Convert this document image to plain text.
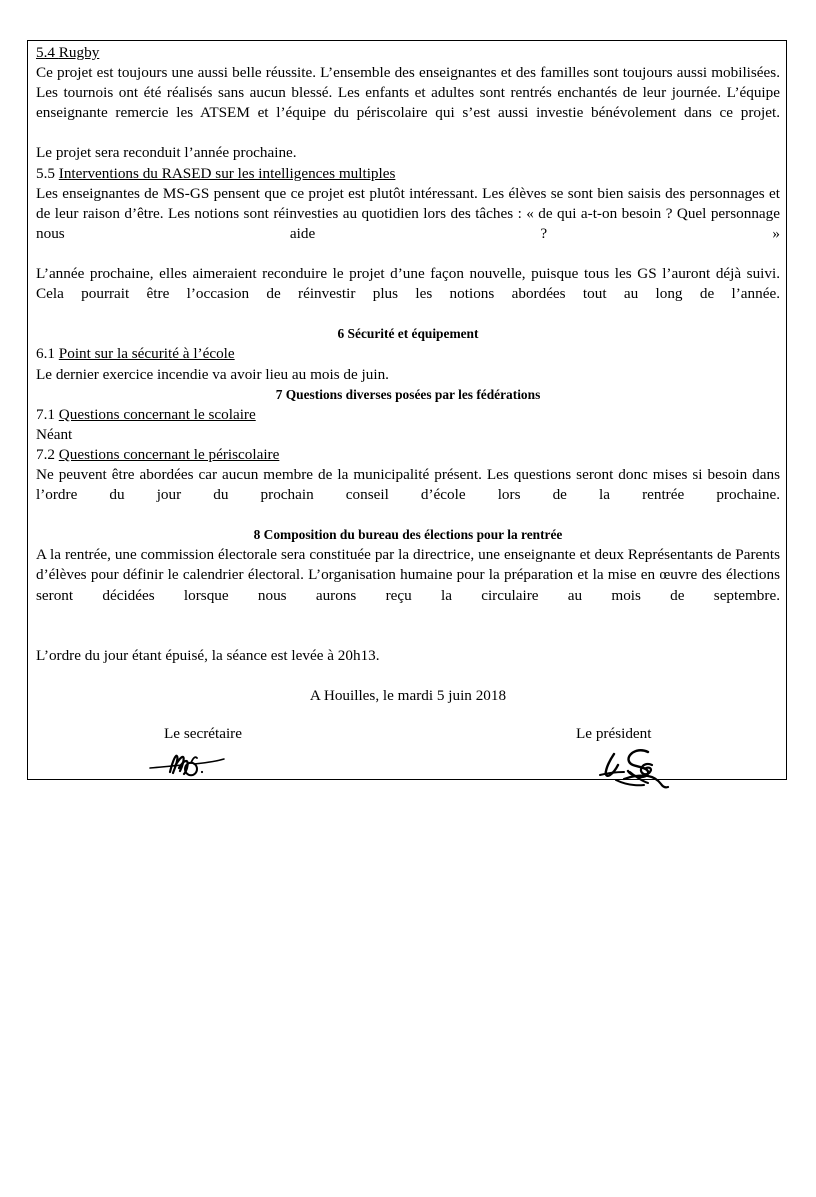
5.4 Rugby

Ce projet est toujours une aussi belle réussite. L’ensemble des enseignantes et des familles sont toujours aussi mobilisées. Les tournois ont été réalisés sans aucun blessé. Les enfants et adultes sont rentrés enchantés de leur journée. L’équipe enseignante remercie les ATSEM et l’équipe du périscolaire qui s’est aussi investie bénévolement dans ce projet.

Le projet sera reconduit l’année prochaine.

5.5 Interventions du RASED sur les intelligences multiples

Les enseignantes de MS-GS pensent que ce projet est plutôt intéressant. Les élèves se sont bien saisis des personnages et de leur raison d’être. Les notions sont réinvesties au quotidien lors des tâches : « de qui a-t-on besoin ? Quel personnage nous aide ? »

L’année prochaine, elles aimeraient reconduire le projet d’une façon nouvelle, puisque tous les GS l’auront déjà suivi. Cela pourrait être l’occasion de réinvestir plus les notions abordées tout au long de l’année.

6 Sécurité et équipement

6.1 Point sur la sécurité à l’école

Le dernier exercice incendie va avoir lieu au mois de juin.

7 Questions diverses posées par les fédérations

7.1 Questions concernant le scolaire

Néant

7.2 Questions concernant le périscolaire

Ne peuvent être abordées car aucun membre de la municipalité présent. Les questions seront donc mises si besoin dans l’ordre du jour du prochain conseil d’école lors de la rentrée prochaine.

8 Composition du bureau des élections pour la rentrée

A la rentrée, une commission électorale sera constituée par la directrice, une enseignante et deux Représentants de Parents d’élèves pour définir le calendrier électoral. L’organisation humaine pour la préparation et la mise en œuvre des élections seront décidées lorsque nous aurons reçu la circulaire au mois de septembre.

L’ordre du jour étant épuisé, la séance est levée à 20h13.

A Houilles, le mardi 5 juin 2018

Le secrétaire	Le président
